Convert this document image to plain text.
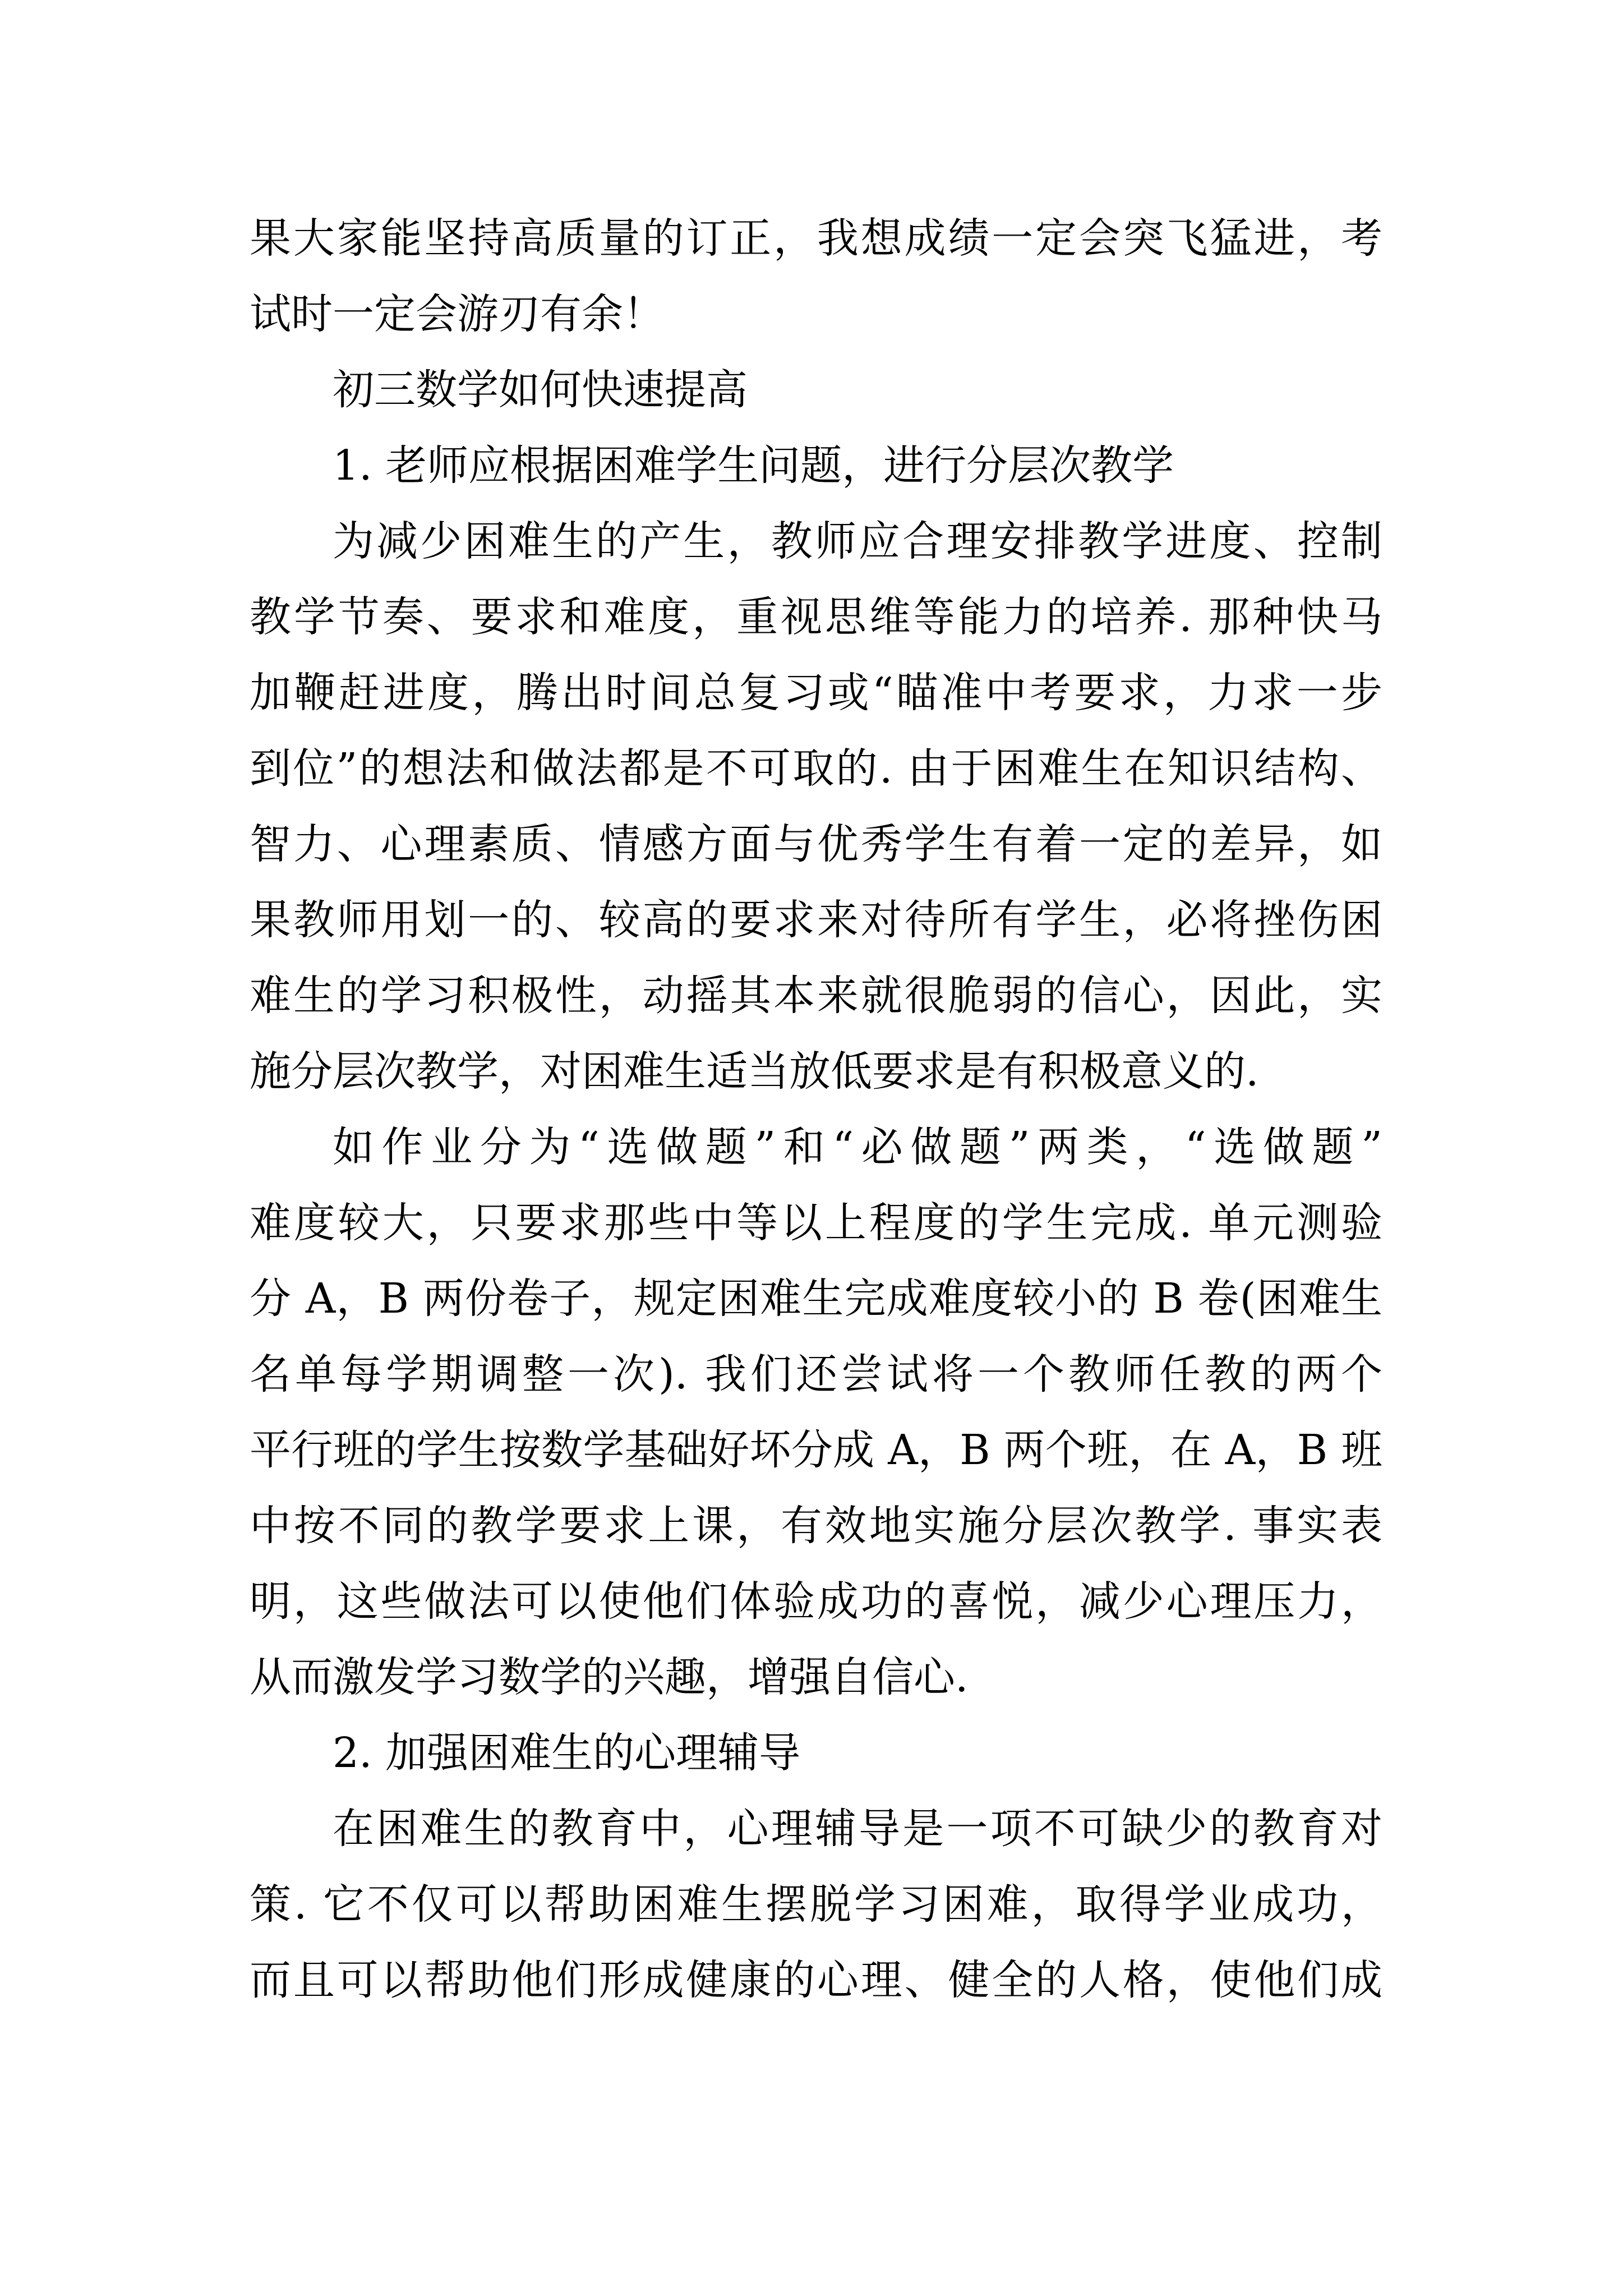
果大家能坚持高质量的订正，我想成绩一定会突飞猛进，考

试时一定会游刃有余！

初三数学如何快速提高

1. 老师应根据困难学生问题，进行分层次教学

为减少困难生的产生，教师应合理安排教学进度、控制

教学节奏、要求和难度，重视思维等能力的培养. 那种快马

加鞭赶进度，腾出时间总复习或“瞄准中考要求，力求一步

到位”的想法和做法都是不可取的. 由于困难生在知识结构、

智力、心理素质、情感方面与优秀学生有着一定的差异，如

果教师用划一的、较高的要求来对待所有学生，必将挫伤困

难生的学习积极性，动摇其本来就很脆弱的信心，因此，实

施分层次教学，对困难生适当放低要求是有积极意义的.

如作业分为“选做题”和“必做题”两类，“选做题”

难度较大，只要求那些中等以上程度的学生完成. 单元测验

分 A，B 两份卷子，规定困难生完成难度较小的 B 卷(困难生

名单每学期调整一次). 我们还尝试将一个教师任教的两个

平行班的学生按数学基础好坏分成 A，B 两个班，在 A，B 班

中按不同的教学要求上课，有效地实施分层次教学. 事实表

明，这些做法可以使他们体验成功的喜悦，减少心理压力，

从而激发学习数学的兴趣，增强自信心.

2. 加强困难生的心理辅导

在困难生的教育中，心理辅导是一项不可缺少的教育对

策. 它不仅可以帮助困难生摆脱学习困难，取得学业成功，

而且可以帮助他们形成健康的心理、健全的人格，使他们成
